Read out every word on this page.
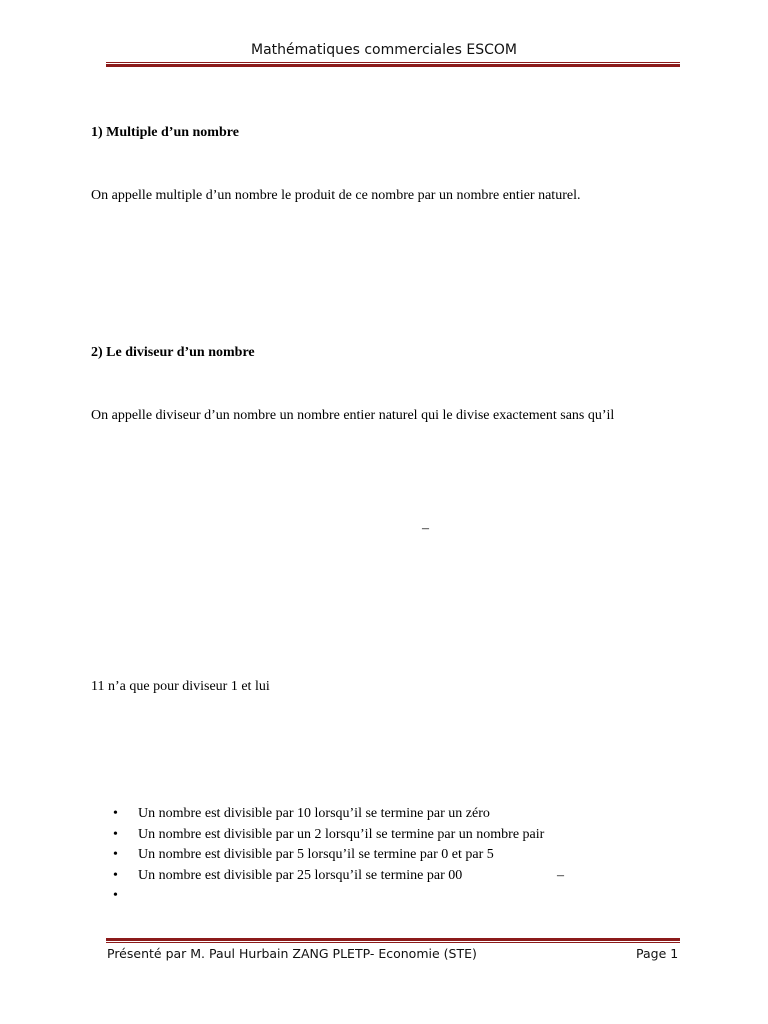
Mathématiques commerciales ESCOM
1) Multiple d’un nombre
On appelle multiple d’un nombre le produit de ce nombre par un nombre entier naturel.
2) Le diviseur d’un nombre
On appelle diviseur d’un nombre un nombre entier naturel qui le divise exactement sans qu’il
–
11 n’a que pour diviseur 1 et lui
• Un nombre est divisible par 10 lorsqu’il se termine par un zéro
• Un nombre est divisible par un 2 lorsqu’il se termine par un nombre pair
• Un nombre est divisible par 5 lorsqu’il se termine par 0 et par 5
• Un nombre est divisible par 25 lorsqu’il se termine par 00	–
•
Présenté par M. Paul Hurbain ZANG PLETP- Economie (STE)	Page 1
